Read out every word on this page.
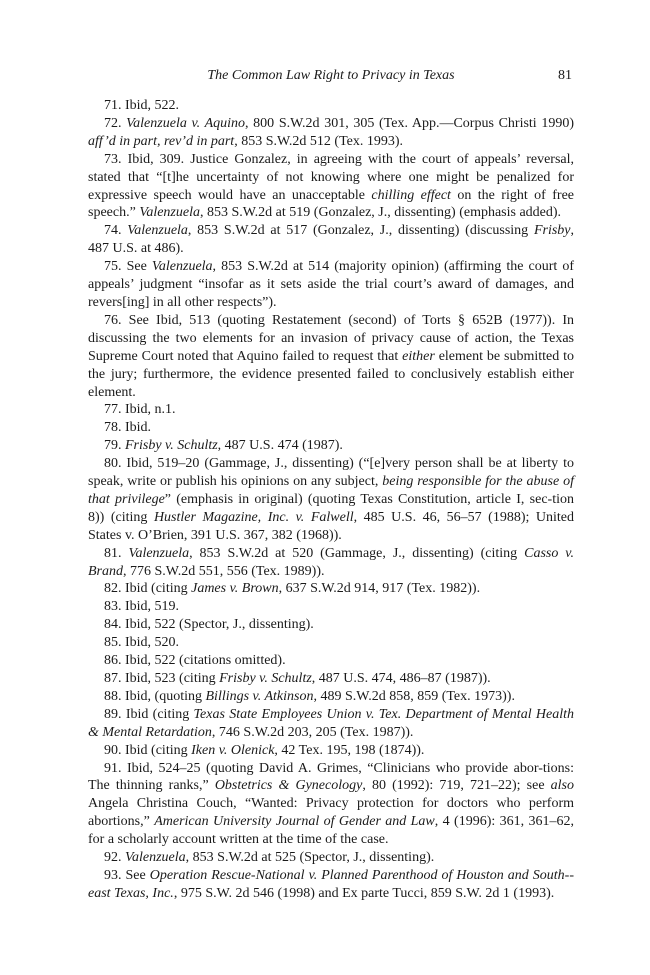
The Common Law Right to Privacy in Texas	81
71. Ibid, 522.
72. Valenzuela v. Aquino, 800 S.W.2d 301, 305 (Tex. App.—Corpus Christi 1990) aff’d in part, rev’d in part, 853 S.W.2d 512 (Tex. 1993).
73. Ibid, 309. Justice Gonzalez, in agreeing with the court of appeals’ reversal, stated that “[t]he uncertainty of not knowing where one might be penalized for expressive speech would have an unacceptable chilling effect on the right of free speech.” Valenzuela, 853 S.W.2d at 519 (Gonzalez, J., dissenting) (emphasis added).
74. Valenzuela, 853 S.W.2d at 517 (Gonzalez, J., dissenting) (discussing Frisby, 487 U.S. at 486).
75. See Valenzuela, 853 S.W.2d at 514 (majority opinion) (affirming the court of appeals’ judgment “insofar as it sets aside the trial court’s award of damages, and revers[ing] in all other respects”).
76. See Ibid, 513 (quoting Restatement (second) of Torts § 652B (1977)). In discussing the two elements for an invasion of privacy cause of action, the Texas Supreme Court noted that Aquino failed to request that either element be submitted to the jury; furthermore, the evidence presented failed to conclusively establish either element.
77. Ibid, n.1.
78. Ibid.
79. Frisby v. Schultz, 487 U.S. 474 (1987).
80. Ibid, 519–20 (Gammage, J., dissenting) (“[e]very person shall be at liberty to speak, write or publish his opinions on any subject, being responsible for the abuse of that privilege” (emphasis in original) (quoting Texas Constitution, article I, sec-tion 8)) (citing Hustler Magazine, Inc. v. Falwell, 485 U.S. 46, 56–57 (1988); United States v. O’Brien, 391 U.S. 367, 382 (1968)).
81. Valenzuela, 853 S.W.2d at 520 (Gammage, J., dissenting) (citing Casso v. Brand, 776 S.W.2d 551, 556 (Tex. 1989)).
82. Ibid (citing James v. Brown, 637 S.W.2d 914, 917 (Tex. 1982)).
83. Ibid, 519.
84. Ibid, 522 (Spector, J., dissenting).
85. Ibid, 520.
86. Ibid, 522 (citations omitted).
87. Ibid, 523 (citing Frisby v. Schultz, 487 U.S. 474, 486–87 (1987)).
88. Ibid, (quoting Billings v. Atkinson, 489 S.W.2d 858, 859 (Tex. 1973)).
89. Ibid (citing Texas State Employees Union v. Tex. Department of Mental Health & Mental Retardation, 746 S.W.2d 203, 205 (Tex. 1987)).
90. Ibid (citing Iken v. Olenick, 42 Tex. 195, 198 (1874)).
91. Ibid, 524–25 (quoting David A. Grimes, “Clinicians who provide abor-tions: The thinning ranks,” Obstetrics & Gynecology, 80 (1992): 719, 721–22); see also Angela Christina Couch, “Wanted: Privacy protection for doctors who perform abortions,” American University Journal of Gender and Law, 4 (1996): 361, 361–62, for a scholarly account written at the time of the case.
92. Valenzuela, 853 S.W.2d at 525 (Spector, J., dissenting).
93. See Operation Rescue-National v. Planned Parenthood of Houston and South-east Texas, Inc., 975 S.W. 2d 546 (1998) and Ex parte Tucci, 859 S.W. 2d 1 (1993).
